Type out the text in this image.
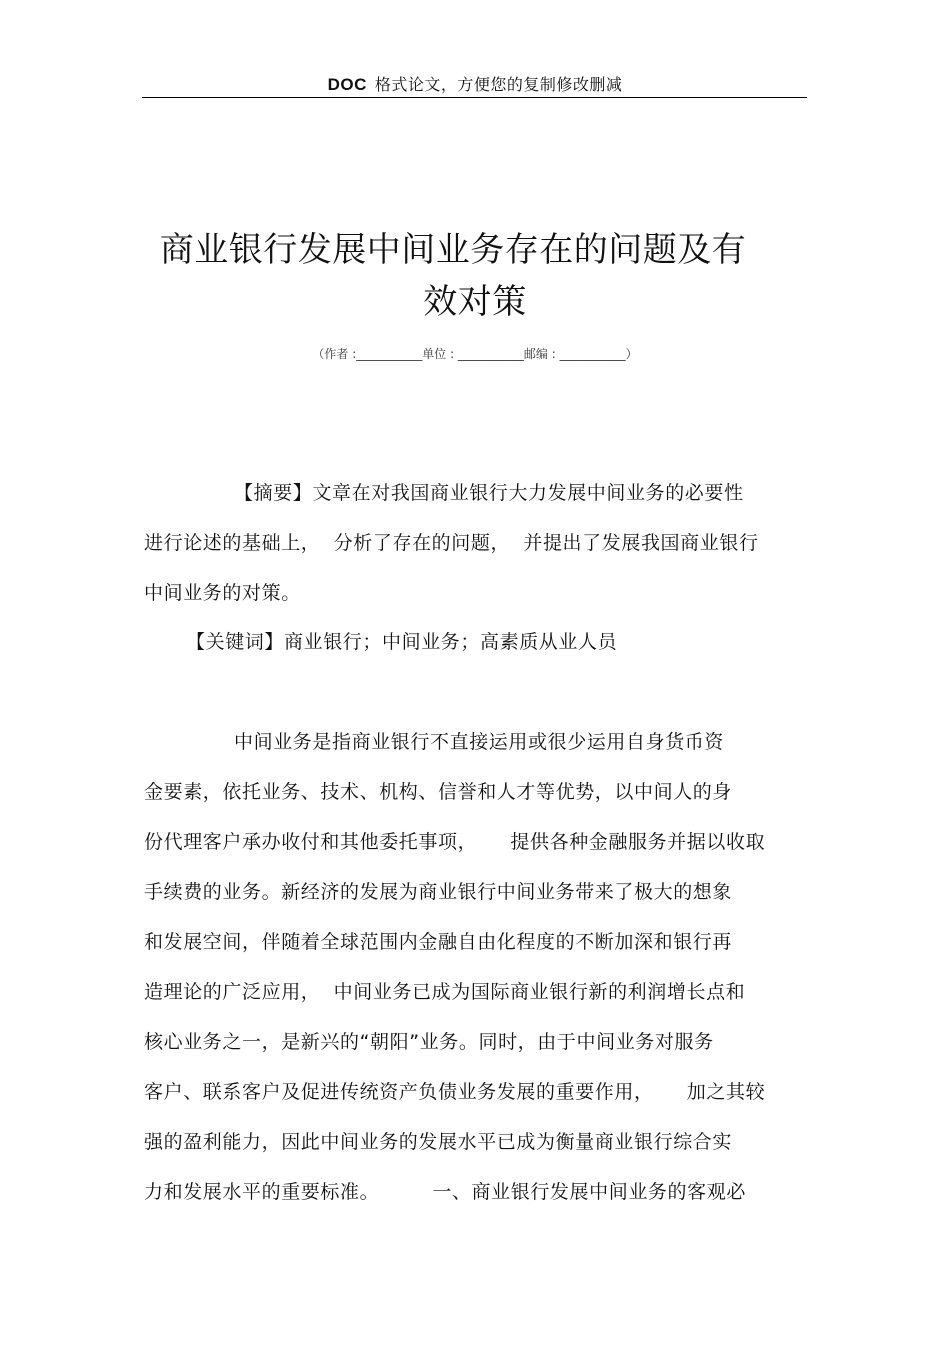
DOC 格式论文，方便您的复制修改删减
商业银行发展中间业务存在的问题及有
效对策
（作者 :___________单位 : ___________邮编 : ___________）
【摘要】文章在对我国商业银行大力发展中间业务的必要性
进行论述的基础上，  分析了存在的问题，  并提出了发展我国商业银行
中间业务的对策。
【关键词】商业银行；中间业务；高素质从业人员
中间业务是指商业银行不直接运用或很少运用自身货币资
金要素，依托业务、技术、机构、信誉和人才等优势，以中间人的身
份代理客户承办收付和其他委托事项，     提供各种金融服务并据以收取
手续费的业务。新经济的发展为商业银行中间业务带来了极大的想象
和发展空间，伴随着全球范围内金融自由化程度的不断加深和银行再
造理论的广泛应用，  中间业务已成为国际商业银行新的利润增长点和
核心业务之一，是新兴的“朝阳”业务。同时，由于中间业务对服务
客户、联系客户及促进传统资产负债业务发展的重要作用，     加之其较
强的盈利能力，因此中间业务的发展水平已成为衡量商业银行综合实
力和发展水平的重要标准。        一、商业银行发展中间业务的客观必
